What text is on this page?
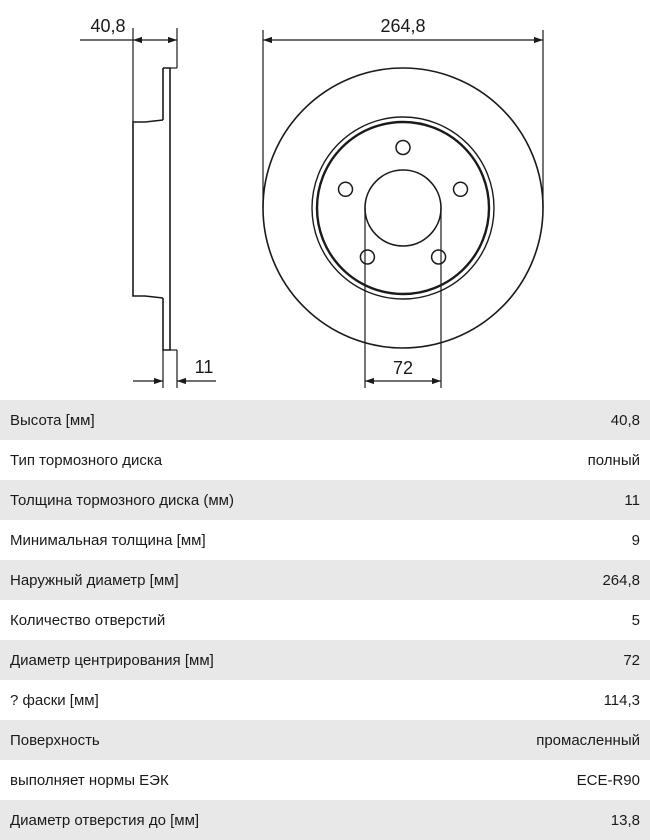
40,8
11
264,8
72
Высота [мм]	40,8
Тип тормозного диска	полный
Толщина тормозного диска (мм)	11
Минимальная толщина [мм]	9
Наружный диаметр [мм]	264,8
Количество отверстий	5
Диаметр центрирования [мм]	72
? фаски [мм]	114,3
Поверхность	промасленный
выполняет нормы ЕЭК	ECE-R90
Диаметр отверстия до [мм]	13,8
